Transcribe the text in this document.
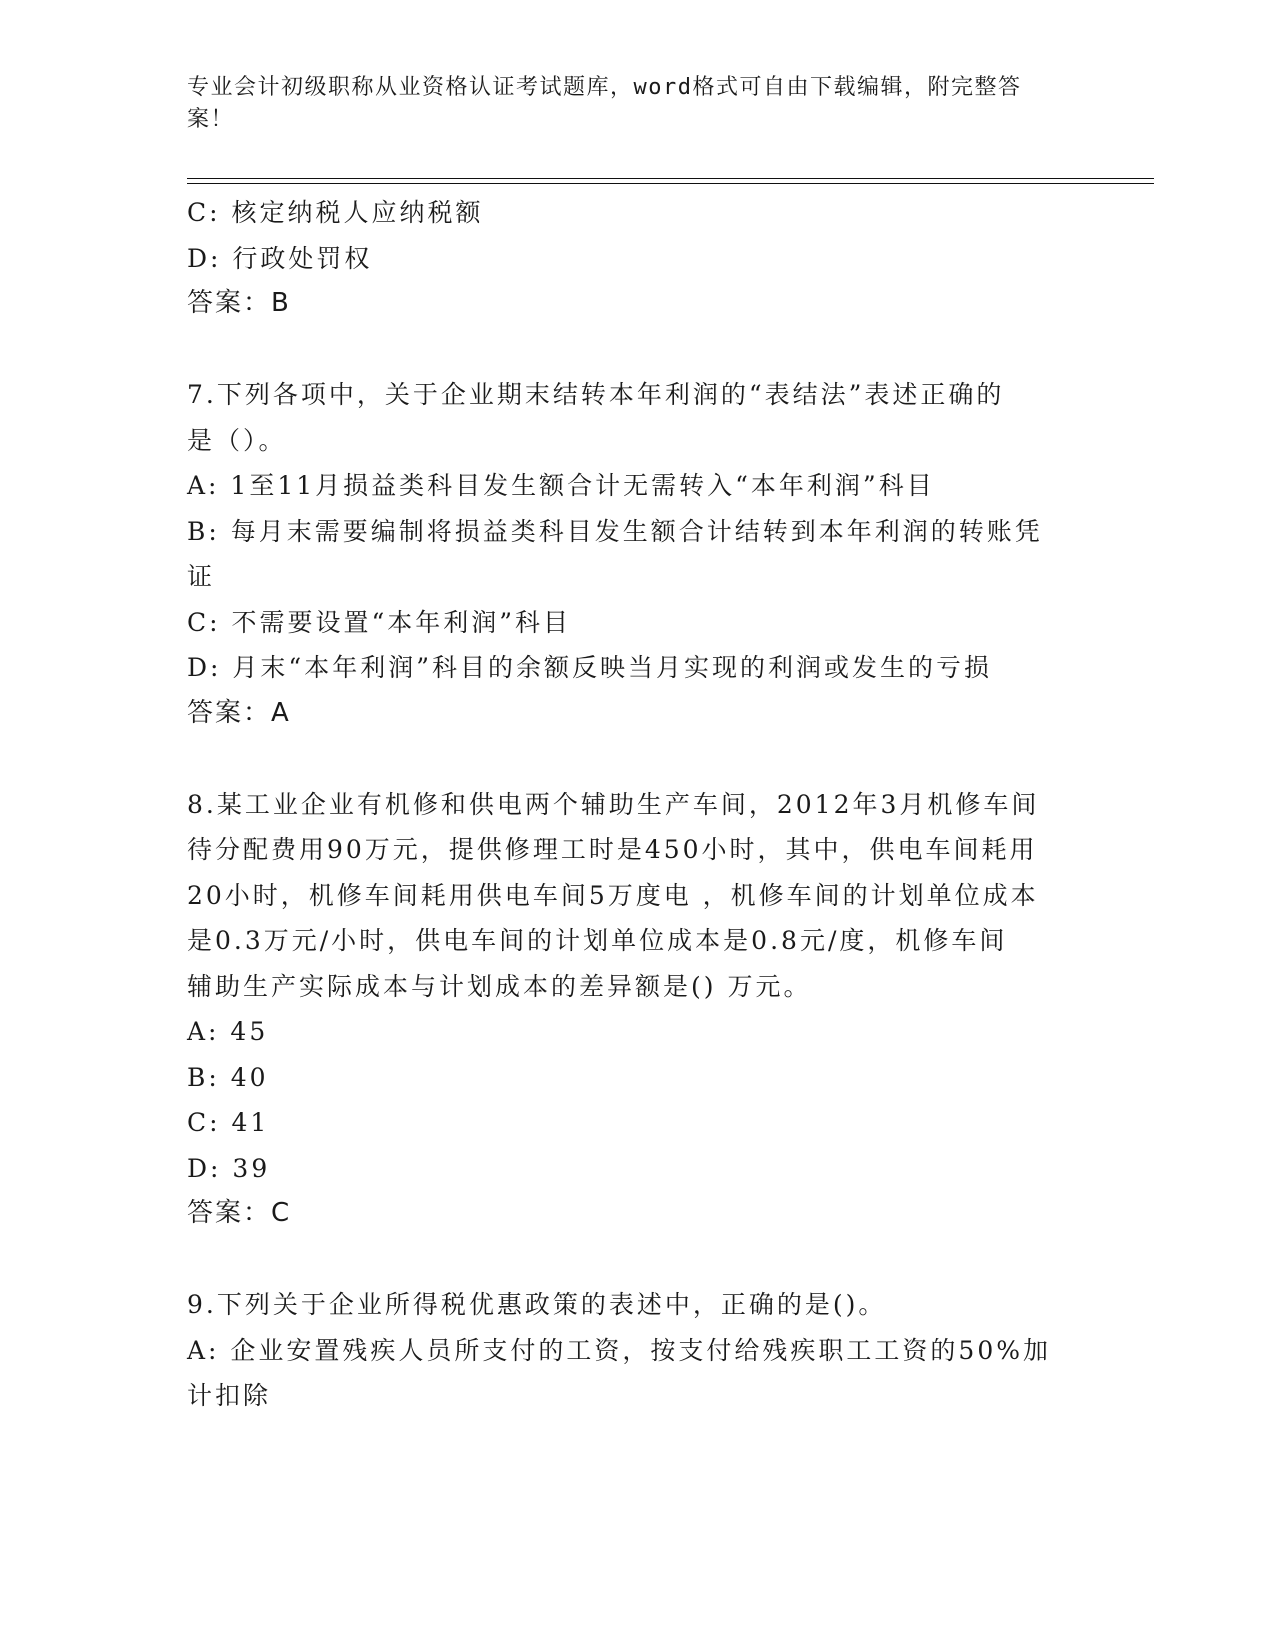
专业会计初级职称从业资格认证考试题库，word格式可自由下载编辑，附完整答
案！

C: 核定纳税人应纳税额

D: 行政处罚权

答案：B

7.下列各项中，关于企业期末结转本年利润的“表结法”表述正确的

是（）。

A: 1至11月损益类科目发生额合计无需转入“本年利润”科目

B: 每月末需要编制将损益类科目发生额合计结转到本年利润的转账凭

证

C: 不需要设置“本年利润”科目

D: 月末“本年利润”科目的余额反映当月实现的利润或发生的亏损

答案：A

8.某工业企业有机修和供电两个辅助生产车间，2012年3月机修车间

待分配费用90万元，提供修理工时是450小时，其中，供电车间耗用

20小时，机修车间耗用供电车间5万度电 ，机修车间的计划单位成本

是0.3万元/小时，供电车间的计划单位成本是0.8元/度，机修车间

辅助生产实际成本与计划成本的差异额是() 万元。

A: 45

B: 40

C: 41

D: 39

答案：C

9.下列关于企业所得税优惠政策的表述中，正确的是()。

A: 企业安置残疾人员所支付的工资，按支付给残疾职工工资的50%加

计扣除
